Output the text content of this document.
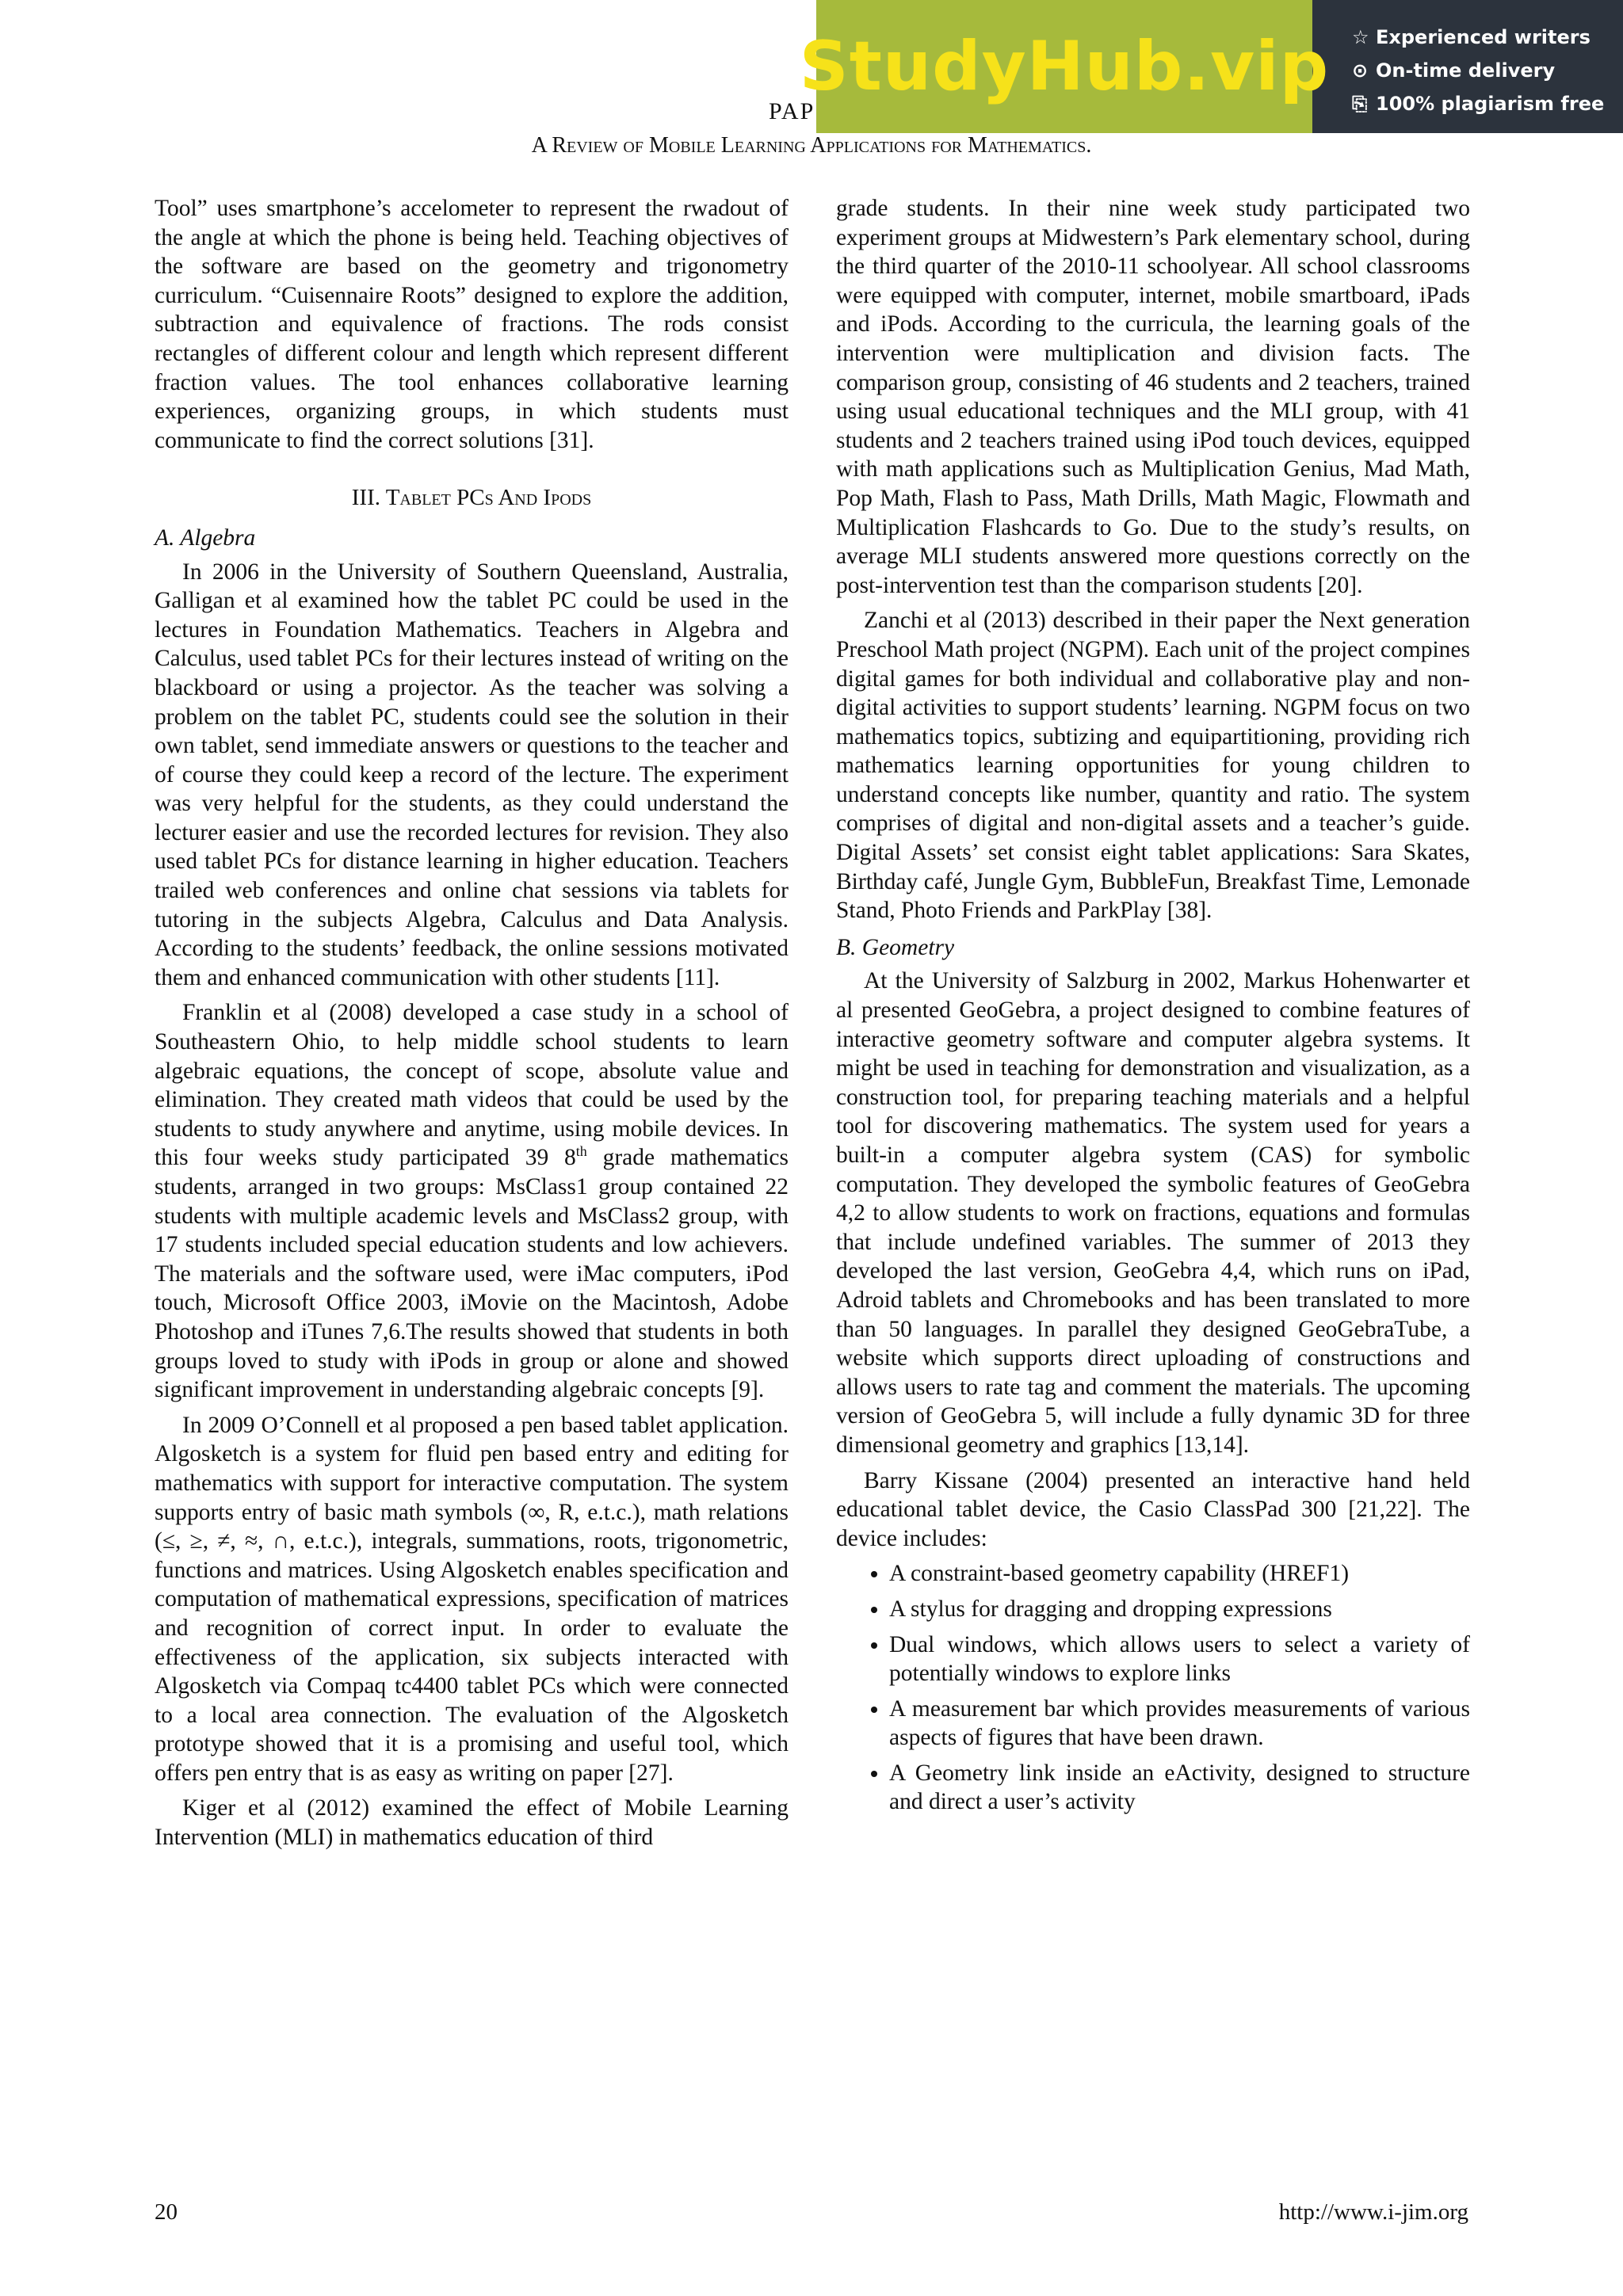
StudyHub.vip ☆ Experienced writers
⊙ On-time delivery
⎘ 100% plagiarism free
PAP
A Review of Mobile Learning Applications for Mathematics.

Tool” uses smartphone’s accelometer to represent the rwadout of the angle at which the phone is being held. Teaching objectives of the software are based on the geometry and trigonometry curriculum. “Cuisennaire Roots” designed to explore the addition, subtraction and equivalence of fractions. The rods consist rectangles of different colour and length which represent different fraction values. The tool enhances collaborative learning experiences, organizing groups, in which students must communicate to find the correct solutions [31].

III. Tablet PCs And Ipods
A. Algebra

In 2006 in the University of Southern Queensland, Australia, Galligan et al examined how the tablet PC could be used in the lectures in Foundation Mathematics. Teachers in Algebra and Calculus, used tablet PCs for their lectures instead of writing on the blackboard or using a projector. As the teacher was solving a problem on the tablet PC, students could see the solution in their own tablet, send immediate answers or questions to the teacher and of course they could keep a record of the lecture. The experiment was very helpful for the students, as they could understand the lecturer easier and use the recorded lectures for revision. They also used tablet PCs for distance learning in higher education. Teachers trailed web conferences and online chat sessions via tablets for tutoring in the subjects Algebra, Calculus and Data Analysis. According to the students’ feedback, the online sessions motivated them and enhanced communication with other students [11].

Franklin et al (2008) developed a case study in a school of Southeastern Ohio, to help middle school students to learn algebraic equations, the concept of scope, absolute value and elimination. They created math videos that could be used by the students to study anywhere and anytime, using mobile devices. In this four weeks study participated 39 8th grade mathematics students, arranged in two groups: MsClass1 group contained 22 students with multiple academic levels and MsClass2 group, with 17 students included special education students and low achievers. The materials and the software used, were iMac computers, iPod touch, Microsoft Office 2003, iMovie on the Macintosh, Adobe Photoshop and iTunes 7,6.The results showed that students in both groups loved to study with iPods in group or alone and showed significant improvement in understanding algebraic concepts [9].

In 2009 O’Connell et al proposed a pen based tablet application. Algosketch is a system for fluid pen based entry and editing for mathematics with support for interactive computation. The system supports entry of basic math symbols (∞, R, e.t.c.), math relations (≤, ≥, ≠, ≈, ∩, e.t.c.), integrals, summations, roots, trigonometric, functions and matrices. Using Algosketch enables specification and computation of mathematical expressions, specification of matrices and recognition of correct input. In order to evaluate the effectiveness of the application, six subjects interacted with Algosketch via Compaq tc4400 tablet PCs which were connected to a local area connection. The evaluation of the Algosketch prototype showed that it is a promising and useful tool, which offers pen entry that is as easy as writing on paper [27].

Kiger et al (2012) examined the effect of Mobile Learning Intervention (MLI) in mathematics education of third

grade students. In their nine week study participated two experiment groups at Midwestern’s Park elementary school, during the third quarter of the 2010-11 schoolyear. All school classrooms were equipped with computer, internet, mobile smartboard, iPads and iPods. According to the curricula, the learning goals of the intervention were multiplication and division facts. The comparison group, consisting of 46 students and 2 teachers, trained using usual educational techniques and the MLI group, with 41 students and 2 teachers trained using iPod touch devices, equipped with math applications such as Multiplication Genius, Mad Math, Pop Math, Flash to Pass, Math Drills, Math Magic, Flowmath and Multiplication Flashcards to Go. Due to the study’s results, on average MLI students answered more questions correctly on the post-intervention test than the comparison students [20].

Zanchi et al (2013) described in their paper the Next generation Preschool Math project (NGPM). Each unit of the project compines digital games for both individual and collaborative play and non-digital activities to support students’ learning. NGPM focus on two mathematics topics, subtizing and equipartitioning, providing rich mathematics learning opportunities for young children to understand concepts like number, quantity and ratio. The system comprises of digital and non-digital assets and a teacher’s guide. Digital Assets’ set consist eight tablet applications: Sara Skates, Birthday café, Jungle Gym, BubbleFun, Breakfast Time, Lemonade Stand, Photo Friends and ParkPlay [38].

B. Geometry

At the University of Salzburg in 2002, Markus Hohenwarter et al presented GeoGebra, a project designed to combine features of interactive geometry software and computer algebra systems. It might be used in teaching for demonstration and visualization, as a construction tool, for preparing teaching materials and a helpful tool for discovering mathematics. The system used for years a built-in a computer algebra system (CAS) for symbolic computation. They developed the symbolic features of GeoGebra 4,2 to allow students to work on fractions, equations and formulas that include undefined variables. The summer of 2013 they developed the last version, GeoGebra 4,4, which runs on iPad, Adroid tablets and Chromebooks and has been translated to more than 50 languages. In parallel they designed GeoGebraTube, a website which supports direct uploading of constructions and allows users to rate tag and comment the materials. The upcoming version of GeoGebra 5, will include a fully dynamic 3D for three dimensional geometry and graphics [13,14].

Barry Kissane (2004) presented an interactive hand held educational tablet device, the Casio ClassPad 300 [21,22]. The device includes:

• A constraint-based geometry capability (HREF1)
• A stylus for dragging and dropping expressions
• Dual windows, which allows users to select a variety of potentially windows to explore links
• A measurement bar which provides measurements of various aspects of figures that have been drawn.
• A Geometry link inside an eActivity, designed to structure and direct a user’s activity
20	http://www.i-jim.org
